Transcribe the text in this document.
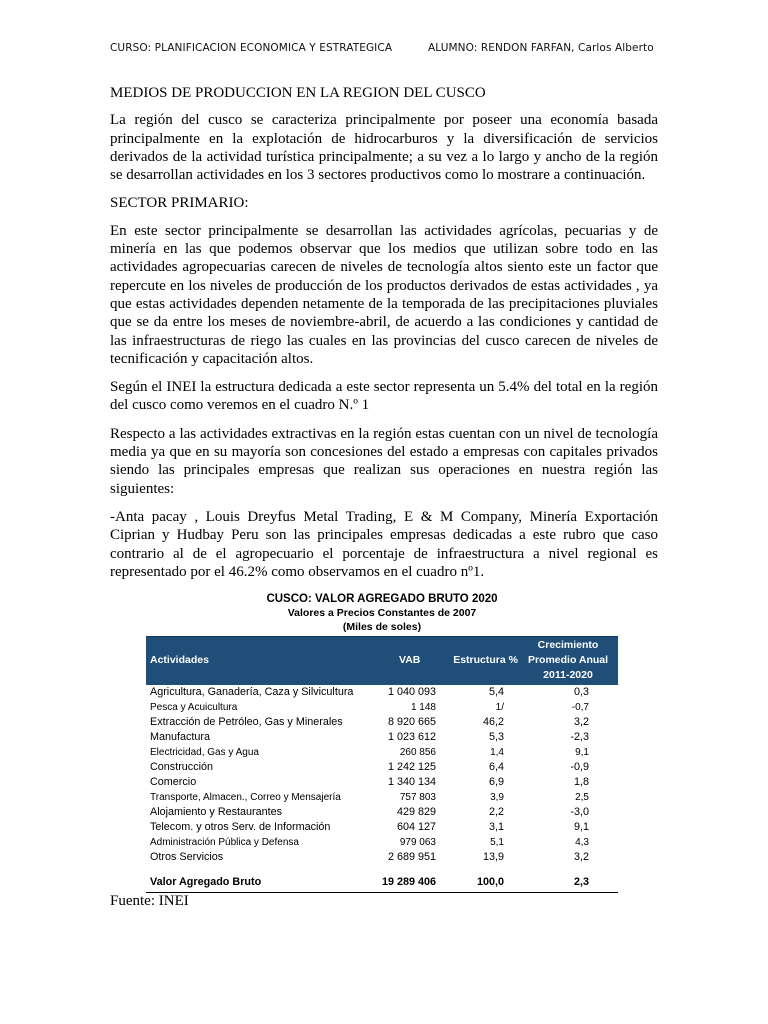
CURSO: PLANIFICACION ECONOMICA Y ESTRATEGICA	ALUMNO: RENDON FARFAN, Carlos Alberto

MEDIOS DE PRODUCCION EN LA REGION DEL CUSCO

La región del cusco se caracteriza principalmente por poseer una economía basada principalmente en la explotación de hidrocarburos y la diversificación de servicios derivados de la actividad turística principalmente; a su vez a lo largo y ancho de la región se desarrollan actividades en los 3 sectores productivos como lo mostrare a continuación.

SECTOR PRIMARIO:

En este sector principalmente se desarrollan las actividades agrícolas, pecuarias y de minería en las que podemos observar que los medios que utilizan sobre todo en las actividades agropecuarias carecen de niveles de tecnología altos siento este un factor que repercute en los niveles de producción de los productos derivados de estas actividades , ya que estas actividades dependen netamente de la temporada de las precipitaciones pluviales que se da entre los meses de noviembre-abril, de acuerdo a las condiciones y cantidad de las infraestructuras de riego las cuales en las provincias del cusco carecen de niveles de tecnificación y capacitación altos.

Según el INEI la estructura dedicada a este sector representa un 5.4% del total en la región del cusco como veremos en el cuadro N.º 1

Respecto a las actividades extractivas en la región estas cuentan con un nivel de tecnología media ya que en su mayoría son concesiones del estado a empresas con capitales privados siendo las principales empresas que realizan sus operaciones en nuestra región las siguientes:

-Anta pacay , Louis Dreyfus Metal Trading, E & M Company, Minería Exportación Ciprian y Hudbay Peru son las principales empresas dedicadas a este rubro que caso contrario al de el agropecuario el porcentaje de infraestructura a nivel regional es representado por el 46.2% como observamos en el cuadro nº1.

CUSCO: VALOR AGREGADO BRUTO 2020
Valores a Precios Constantes de 2007
(Miles de soles)
Actividades	VAB	Estructura %
Crecimiento
Promedio Anual
2011-2020
Agricultura, Ganadería, Caza y Silvicultura	1 040 093	5,4	0,3
Pesca y Acuicultura	1 148	1/	-0,7
Extracción de Petróleo, Gas y Minerales	8 920 665	46,2	3,2
Manufactura	1 023 612	5,3	-2,3
Electricidad, Gas y Agua	260 856	1,4	9,1
Construcción	1 242 125	6,4	-0,9
Comercio	1 340 134	6,9	1,8
Transporte, Almacen., Correo y Mensajería	757 803	3,9	2,5
Alojamiento y Restaurantes	429 829	2,2	-3,0
Telecom. y otros Serv. de Información	604 127	3,1	9,1
Administración Pública y Defensa	979 063	5,1	4,3
Otros Servicios	2 689 951	13,9	3,2
Valor Agregado Bruto	19 289 406	100,0	2,3
Fuente: INEI
